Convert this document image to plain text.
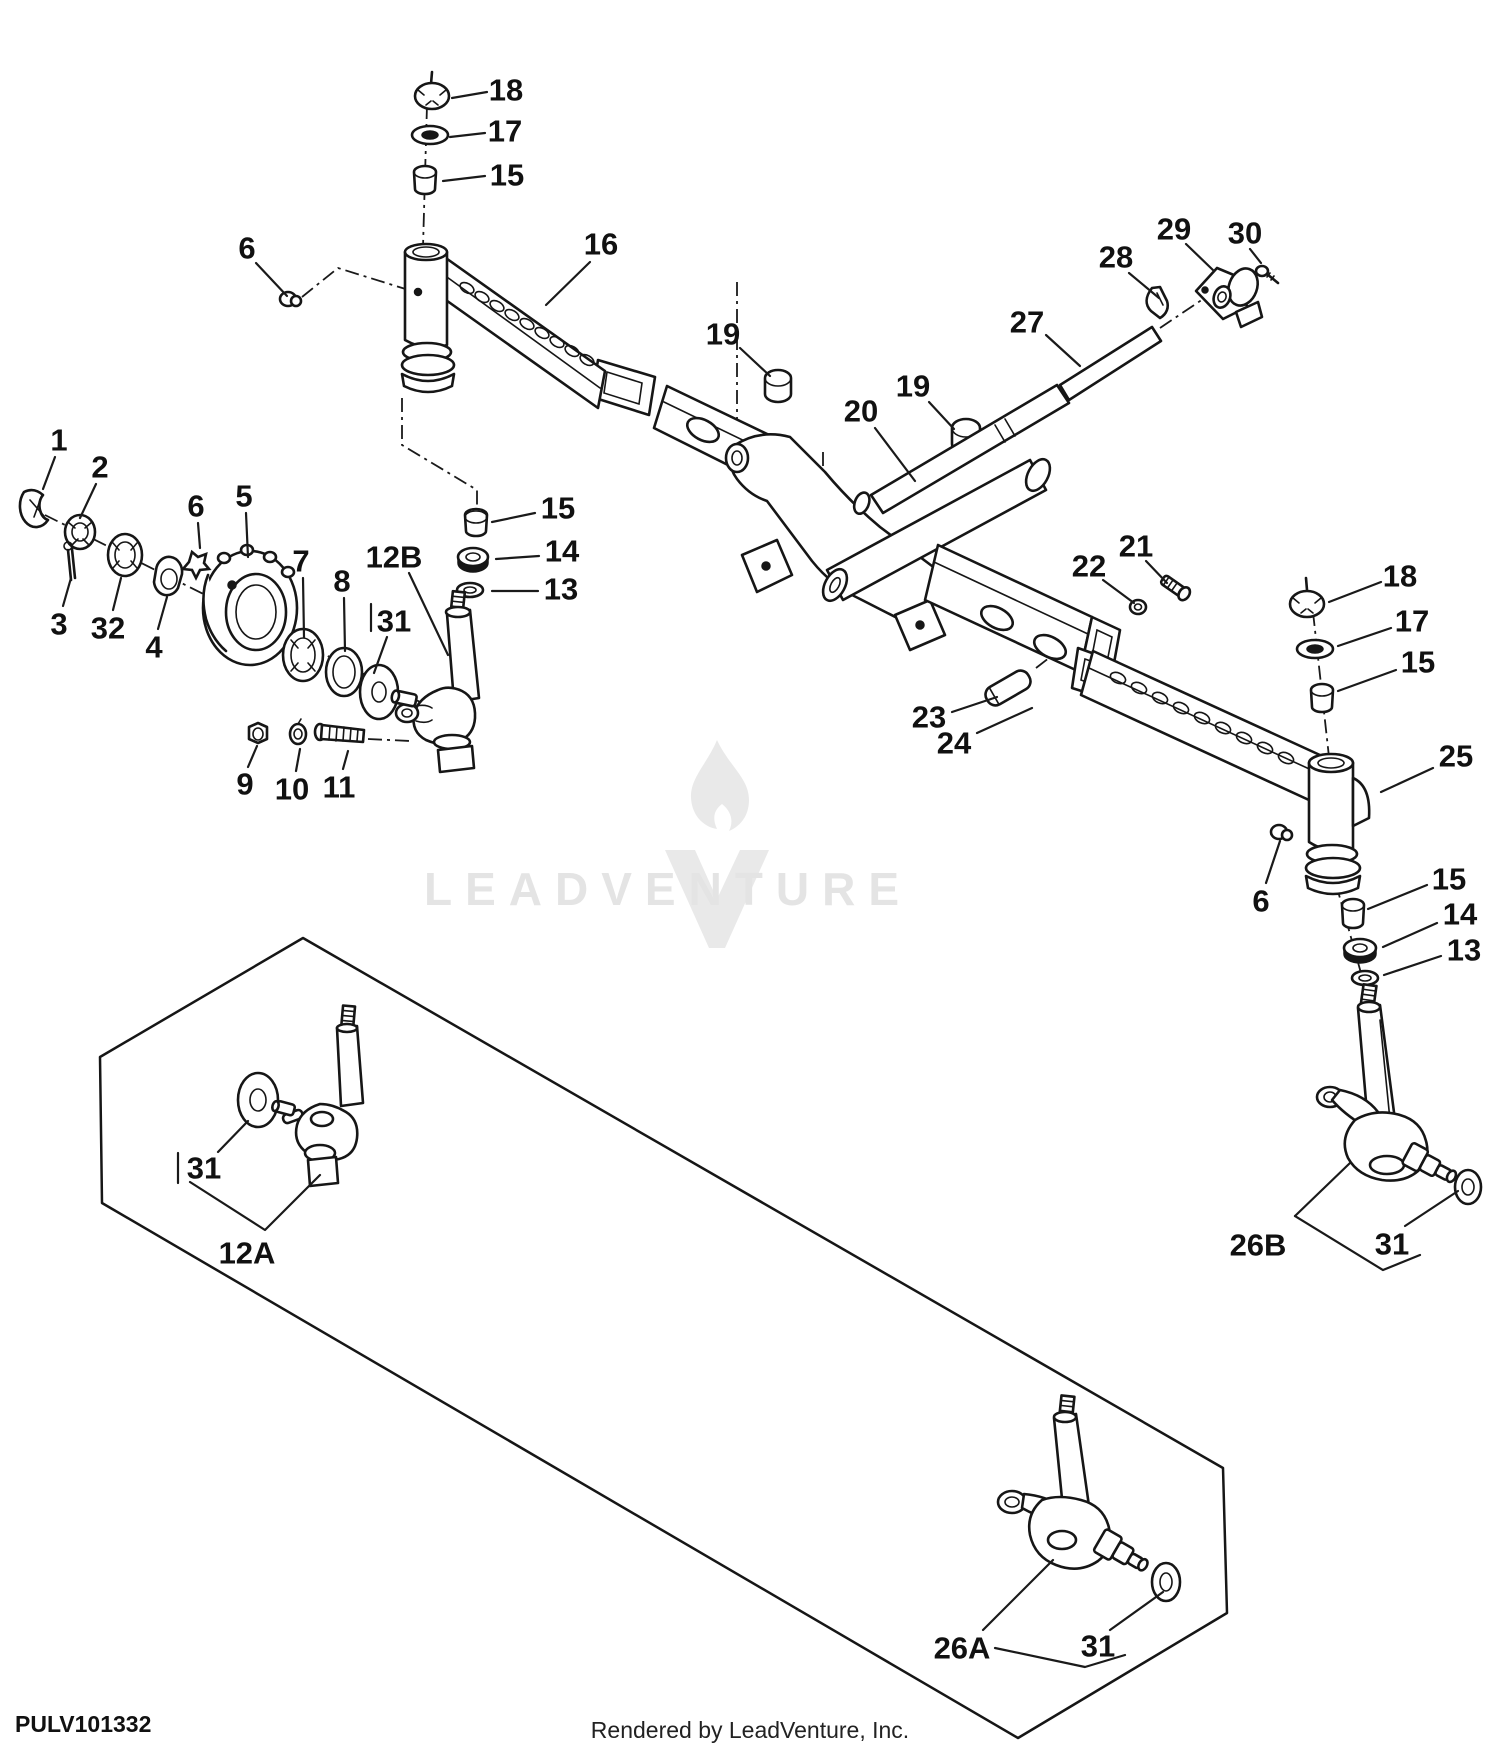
LEADVENTURE
18
17
15
6	16
19
20
19
27
28
29 30
22
21
23
24
18
17
15
25
6
15
14
13
1
2
3 32
4
6 5
7
8
12B
31
9 10 11
15
14
13
12A
31
26A	31
26B	31
PULV101332	Rendered by LeadVenture, Inc.
